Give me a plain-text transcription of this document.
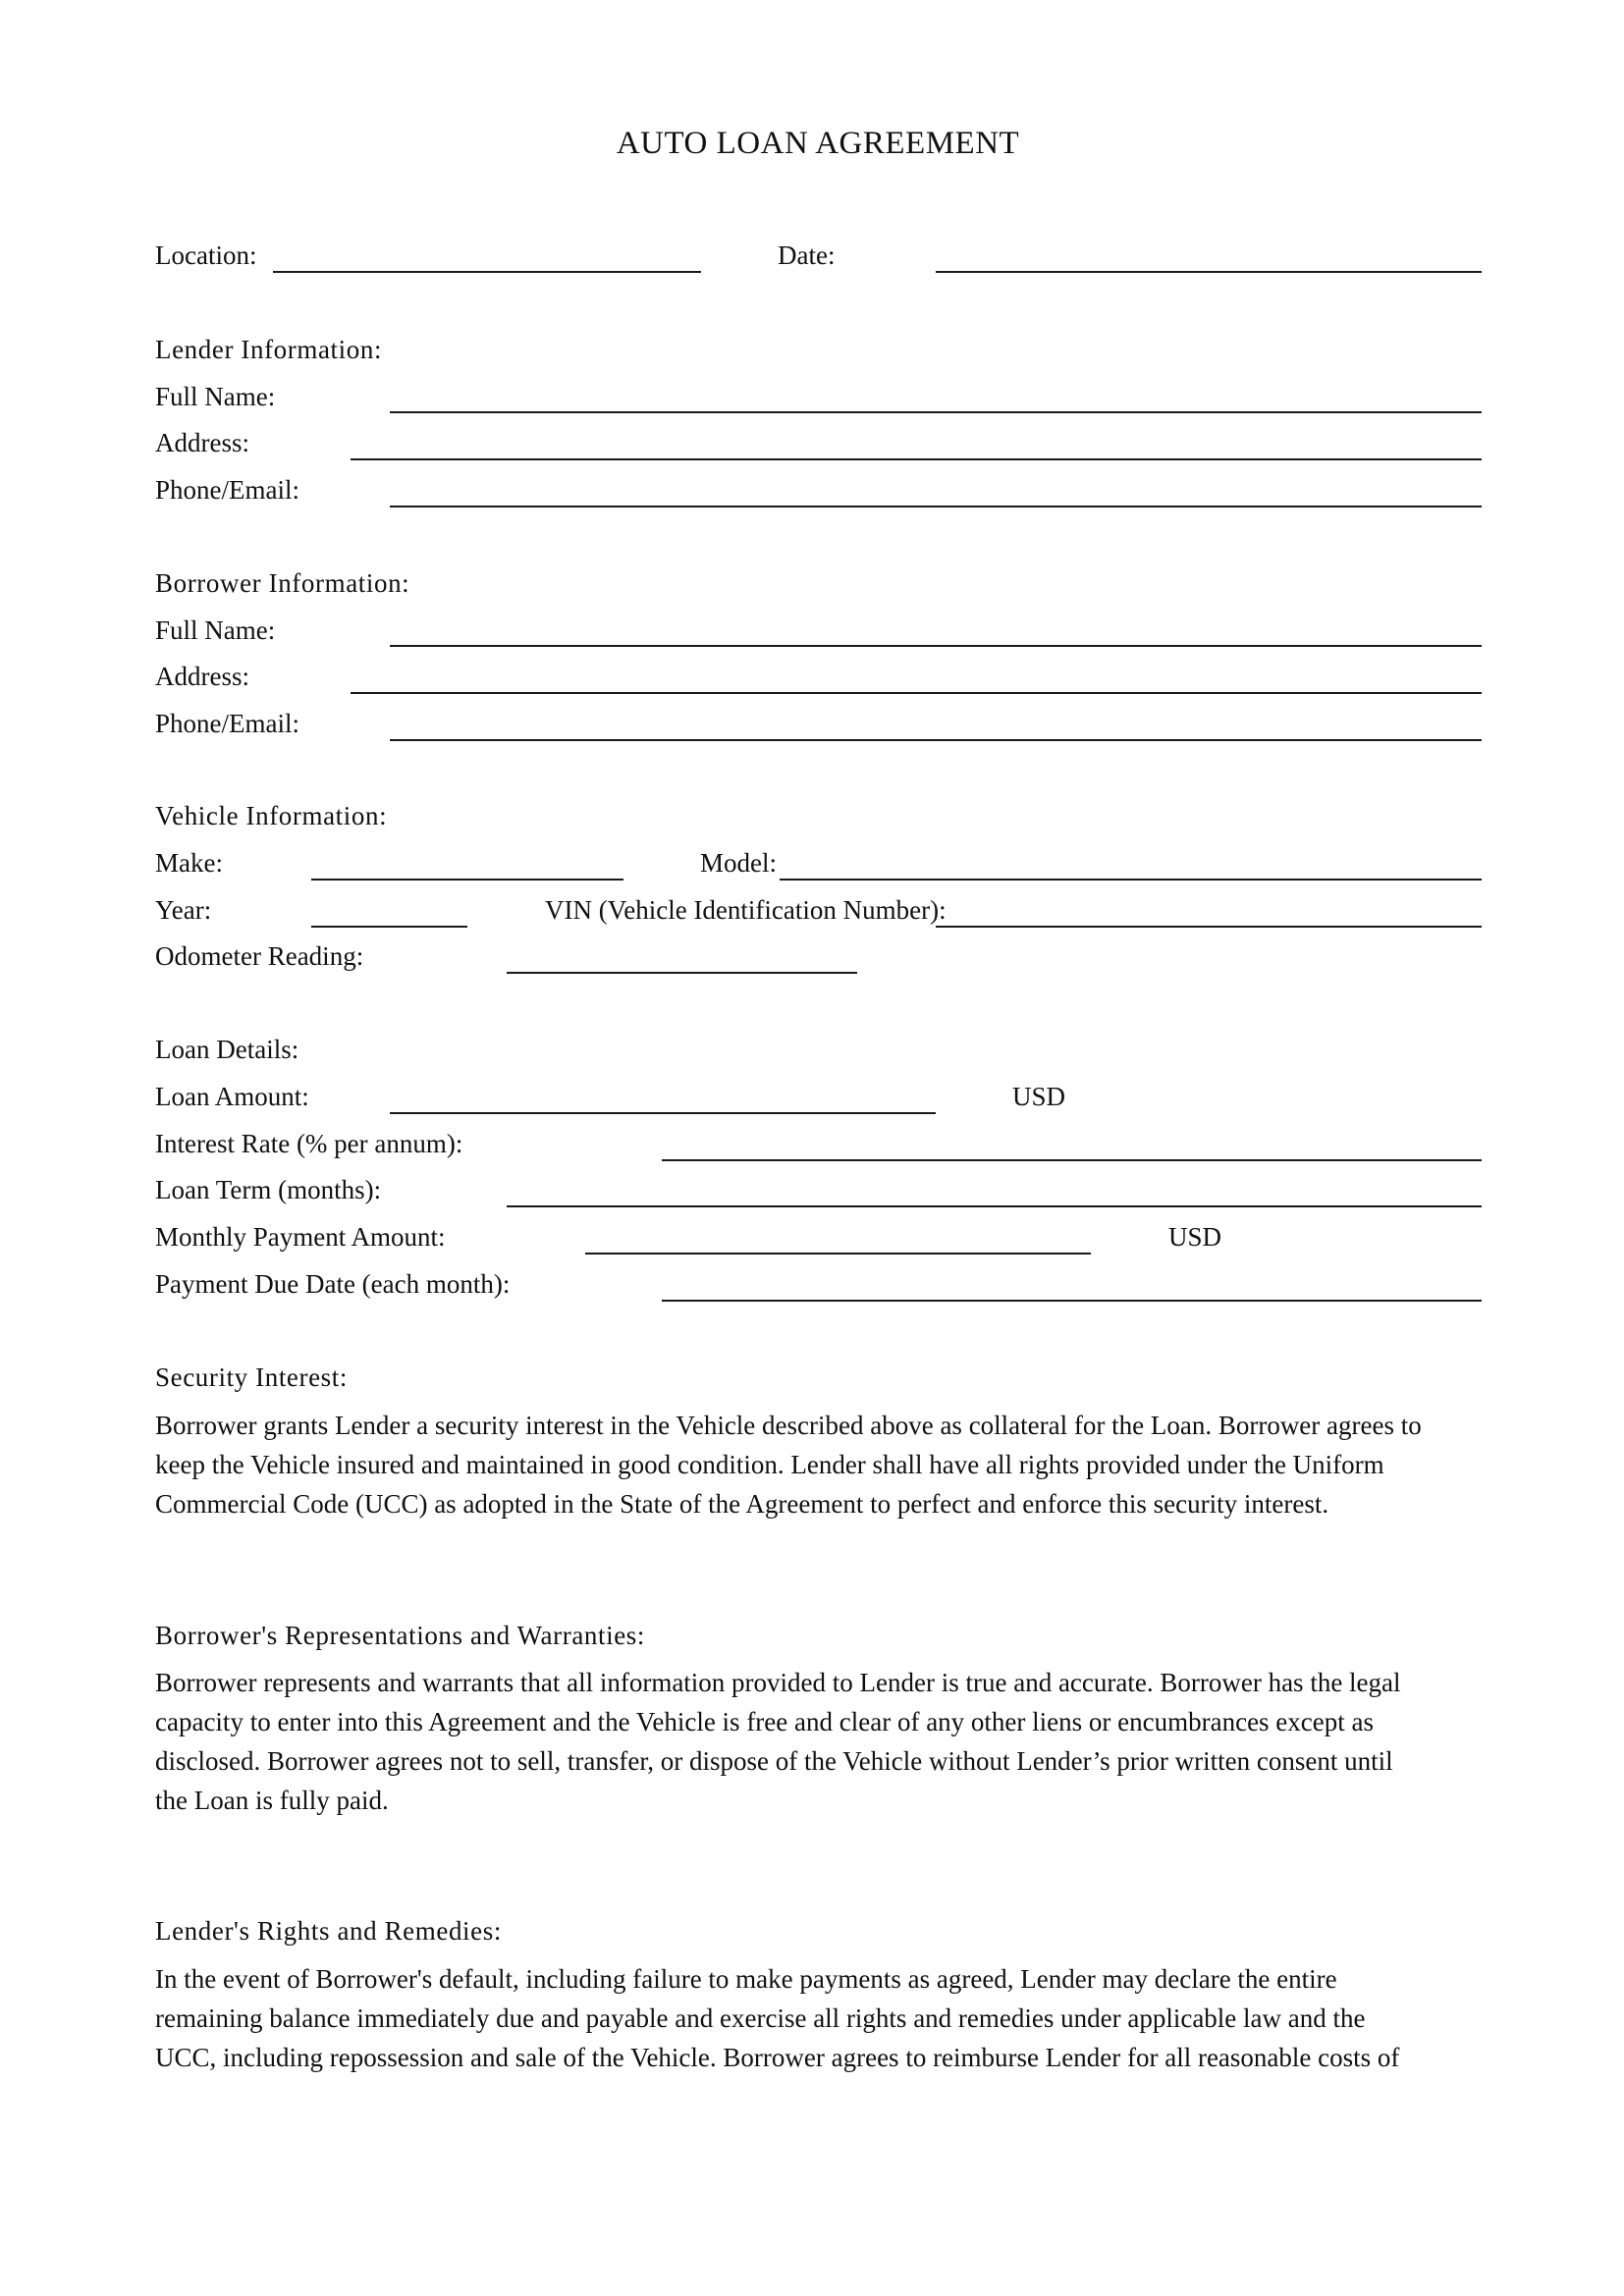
AUTO LOAN AGREEMENT
Location:	Date:
Lender Information:
Full Name:
Address:
Phone/Email:
Borrower Information:
Full Name:
Address:
Phone/Email:
Vehicle Information:
Make:	Model:
Year:	VIN (Vehicle Identification Number):
Odometer Reading:
Loan Details:
Loan Amount:	USD
Interest Rate (% per annum):
Loan Term (months):
Monthly Payment Amount:	USD
Payment Due Date (each month):
Security Interest:
Borrower grants Lender a security interest in the Vehicle described above as collateral for the Loan. Borrower agrees to
keep the Vehicle insured and maintained in good condition. Lender shall have all rights provided under the Uniform
Commercial Code (UCC) as adopted in the State of the Agreement to perfect and enforce this security interest.
Borrower's Representations and Warranties:
Borrower represents and warrants that all information provided to Lender is true and accurate. Borrower has the legal
capacity to enter into this Agreement and the Vehicle is free and clear of any other liens or encumbrances except as
disclosed. Borrower agrees not to sell, transfer, or dispose of the Vehicle without Lender’s prior written consent until
the Loan is fully paid.
Lender's Rights and Remedies:
In the event of Borrower's default, including failure to make payments as agreed, Lender may declare the entire
remaining balance immediately due and payable and exercise all rights and remedies under applicable law and the
UCC, including repossession and sale of the Vehicle. Borrower agrees to reimburse Lender for all reasonable costs of
